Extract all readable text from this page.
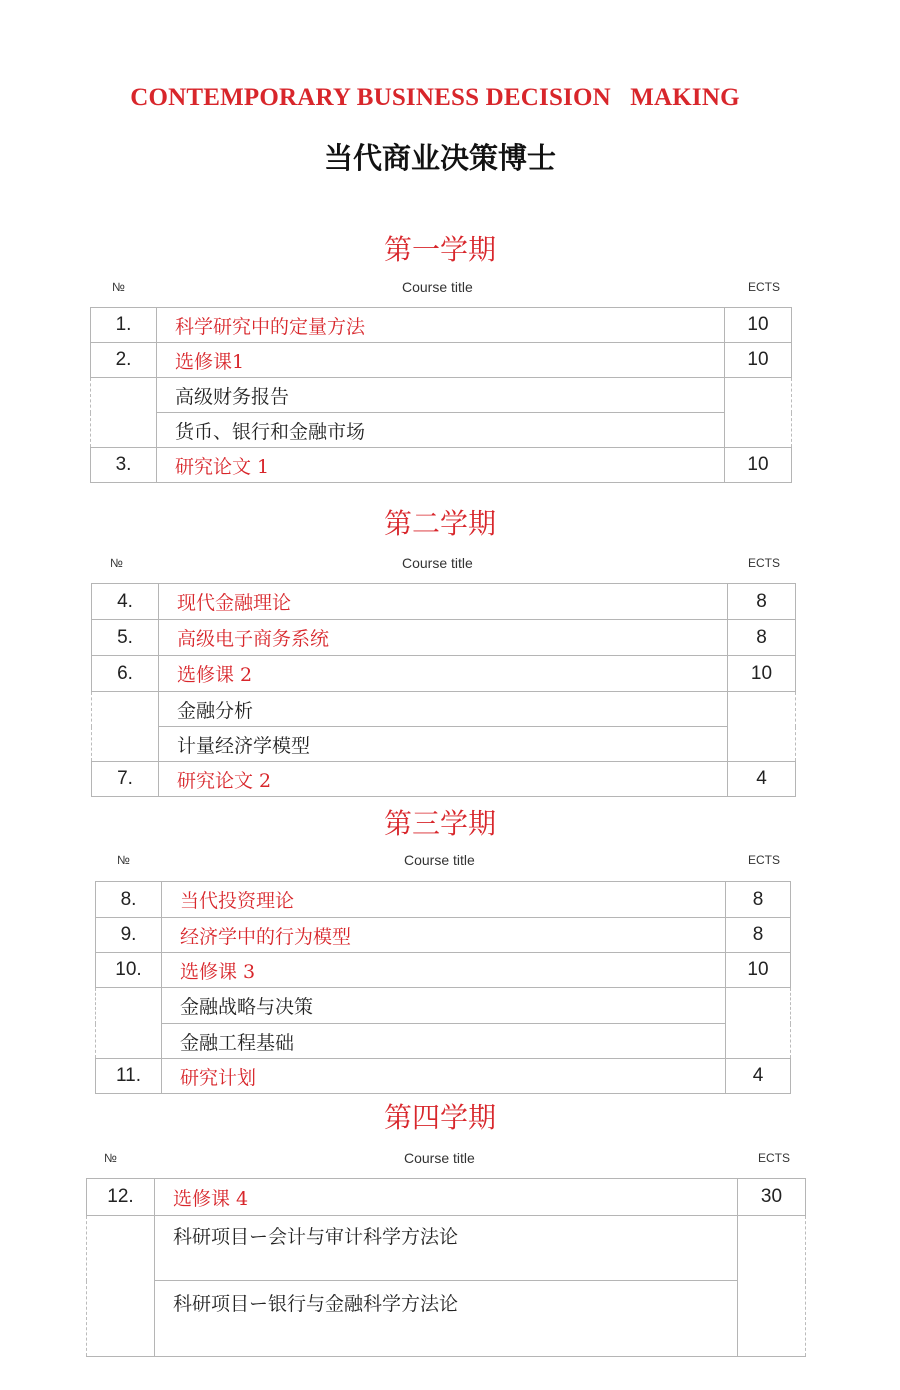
CONTEMPORARY BUSINESS DECISION   MAKING
当代商业决策博士
第一学期
№	Course title	ECTS
1.	科学研究中的定量方法	10
2.	选修课1	10
	高级财务报告	
	货币、银行和金融市场	
3.	研究论文 1	10
第二学期
№	Course title	ECTS
4.	现代金融理论	8
5.	高级电子商务系统	8
6.	选修课 2	10
	金融分析	
	计量经济学模型	
7.	研究论文 2	4
第三学期
№	Course title	ECTS
8.	当代投资理论	8
9.	经济学中的行为模型	8
10.	选修课 3	10
	金融战略与决策	
	金融工程基础	
11.	研究计划	4
第四学期
№	Course title	ECTS
12.	选修课 4	30
	科研项目ー会计与审计科学方法论	
	科研项目ー银行与金融科学方法论	
